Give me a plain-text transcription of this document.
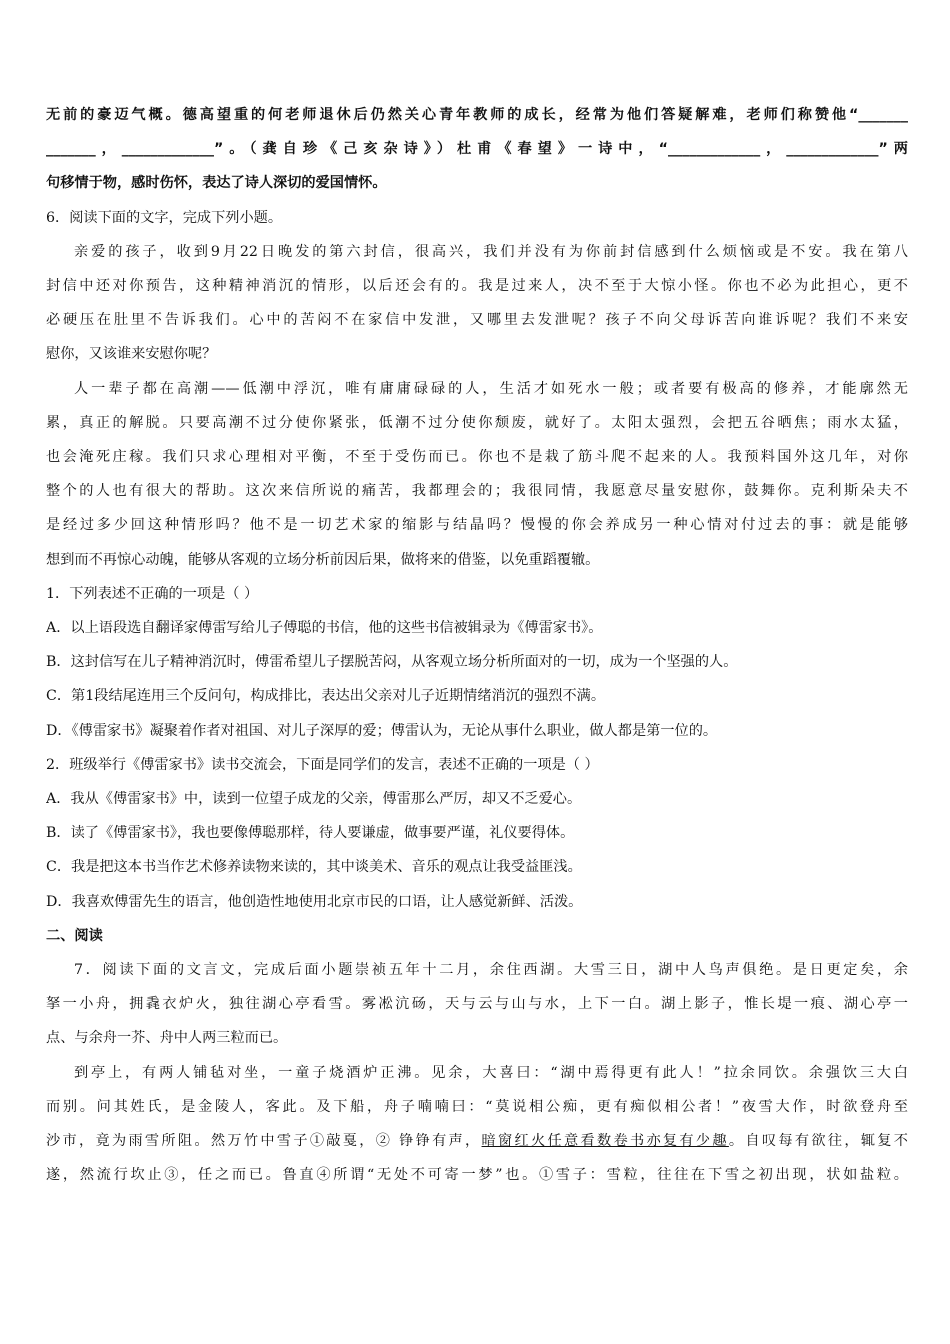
无前的豪迈气概。德高望重的何老师退休后仍然关心青年教师的成长，经常为他们答疑解难，老师们称赞他“_______
_______，_____________”。（龚自珍《己亥杂诗》）杜甫《春望》一诗中，“_____________，_____________”两
句移情于物，感时伤怀，表达了诗人深切的爱国情怀。
6．阅读下面的文字，完成下列小题。
亲爱的孩子，收到9月22日晚发的第六封信，很高兴，我们并没有为你前封信感到什么烦恼或是不安。我在第八
封信中还对你预告，这种精神消沉的情形，以后还会有的。我是过来人，决不至于大惊小怪。你也不必为此担心，更不
必硬压在肚里不告诉我们。心中的苦闷不在家信中发泄，又哪里去发泄呢？孩子不向父母诉苦向谁诉呢？我们不来安
慰你，又该谁来安慰你呢？
人一辈子都在高潮——低潮中浮沉，唯有庸庸碌碌的人，生活才如死水一般；或者要有极高的修养，才能廓然无
累，真正的解脱。只要高潮不过分使你紧张，低潮不过分使你颓废，就好了。太阳太强烈，会把五谷晒焦；雨水太猛，
也会淹死庄稼。我们只求心理相对平衡，不至于受伤而已。你也不是栽了筋斗爬不起来的人。我预料国外这几年，对你
整个的人也有很大的帮助。这次来信所说的痛苦，我都理会的；我很同情，我愿意尽量安慰你，鼓舞你。克利斯朵夫不
是经过多少回这种情形吗？他不是一切艺术家的缩影与结晶吗？慢慢的你会养成另一种心情对付过去的事：就是能够
想到而不再惊心动魄，能够从客观的立场分析前因后果，做将来的借鉴，以免重蹈覆辙。
1．下列表述不正确的一项是（ ）
A．以上语段选自翻译家傅雷写给儿子傅聪的书信，他的这些书信被辑录为《傅雷家书》。
B．这封信写在儿子精神消沉时，傅雷希望儿子摆脱苦闷，从客观立场分析所面对的一切，成为一个坚强的人。
C．第1段结尾连用三个反问句，构成排比，表达出父亲对儿子近期情绪消沉的强烈不满。
D．《傅雷家书》凝聚着作者对祖国、对儿子深厚的爱；傅雷认为，无论从事什么职业，做人都是第一位的。
2．班级举行《傅雷家书》读书交流会，下面是同学们的发言，表述不正确的一项是（ ）
A．我从《傅雷家书》中，读到一位望子成龙的父亲，傅雷那么严厉，却又不乏爱心。
B．读了《傅雷家书》，我也要像傅聪那样，待人要谦虚，做事要严谨，礼仪要得体。
C．我是把这本书当作艺术修养读物来读的，其中谈美术、音乐的观点让我受益匪浅。
D．我喜欢傅雷先生的语言，他创造性地使用北京市民的口语，让人感觉新鲜、活泼。
二、阅读
7．阅读下面的文言文，完成后面小题崇祯五年十二月，余住西湖。大雪三日，湖中人鸟声俱绝。是日更定矣，余
拏一小舟，拥毳衣炉火，独往湖心亭看雪。雾凇沆砀，天与云与山与水，上下一白。湖上影子，惟长堤一痕、湖心亭一
点、与余舟一芥、舟中人两三粒而已。
到亭上，有两人铺毡对坐，一童子烧酒炉正沸。见余，大喜曰：“湖中焉得更有此人！”拉余同饮。余强饮三大白
而别。问其姓氏，是金陵人，客此。及下船，舟子喃喃曰：“莫说相公痴，更有痴似相公者！”夜雪大作，时欲登舟至
沙市，竟为雨雪所阻。然万竹中雪子①敲戛，② 铮铮有声，暗窗红火任意看数卷书亦复有少趣。自叹每有欲往，辄复不
遂，然流行坎止③，任之而已。鲁直④所谓“无处不可寄一梦”也。①雪子：雪粒，往往在下雪之初出现，状如盐粒。
